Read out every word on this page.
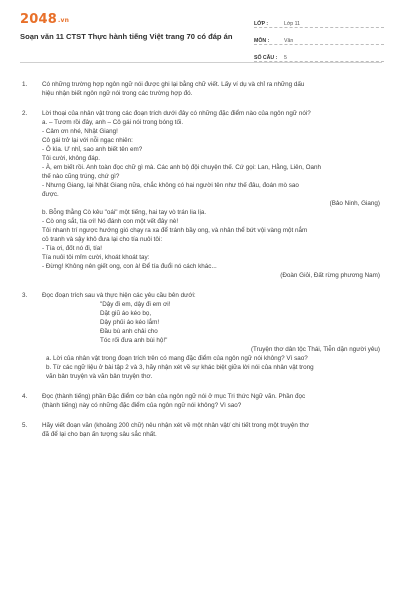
2048.vn
Soạn văn 11 CTST Thực hành tiếng Việt trang 70 có đáp án
LỚP :	Lớp 11
MÔN :	Văn
SỐ CÂU :	5
1.	Có những trường hợp ngôn ngữ nói được ghi lại bằng chữ viết. Lấy ví dụ và chỉ ra những dấu
hiệu nhận biết ngôn ngữ nói trong các trường hợp đó.
2.	Lời thoại của nhân vật trong các đoạn trích dưới đây có những đặc điểm nào của ngôn ngữ nói?
a. – Tươm rồi đây, anh – Cô gái nói trong bóng tối.
- Cảm ơn nhé, Nhật Giang!
Cô gái trở lại với nỗi ngạc nhiên:
- Ô kìa. Ư nhỉ, sao anh biết tên em?
Tôi cười, không đáp.
- À, em biết rồi. Anh toàn đọc chữ gì mà. Các anh bộ đội chuyện thế. Cứ gọi: Lan, Hằng, Liên, Oanh
thế nào cũng trúng, chứ gì?
- Nhưng Giang, lại Nhật Giang nữa, chắc không có hai người tên như thế đâu, đoán mò sao
được.
(Bảo Ninh, Giang)
b. Bỗng thằng Cò kêu "oái" một tiếng, hai tay vò trán lia lịa.
- Cò ong sắt, tía ơi! Nó đánh con một vết đây nè!
Tôi nhanh trí ngược hướng gió chạy ra xa để tránh bầy ong, và nhân thể bứt vội vàng một nắm
cỏ tranh và sậy khô đưa lại cho tía nuôi tôi:
- Tía ơi, đốt nó đi, tía!
Tía nuôi tôi mỉm cười, khoát khoát tay:
- Đừng! Không nên giết ong, con à! Để tía đuổi nó cách khác...
(Đoàn Giỏi, Đất rừng phương Nam)
3.	Đọc đoạn trích sau và thực hiện các yêu cầu bên dưới:
"Dậy đi em, dậy đi em ơi!
Dặt giũ áo kéo bọ,
Dậy phủi áo kéo lắm!
Đầu bù anh chải cho
Tóc rối đưa anh bùi hộ!"
(Truyện thơ dân tộc Thái, Tiễn dặn người yêu)
a. Lời của nhân vật trong đoạn trích trên có mang đặc điểm của ngôn ngữ nói không? Vì sao?
b. Từ các ngữ liệu ở bài tập 2 và 3, hãy nhận xét về sự khác biệt giữa lời nói của nhân vật trong
văn bản truyện và văn bản truyện thơ.
4.	Đọc (thành tiếng) phần Đặc điểm cơ bản của ngôn ngữ nói ở mục Tri thức Ngữ văn. Phần đọc
(thành tiếng) này có những đặc điểm của ngôn ngữ nói không? Vì sao?
5.	Hãy viết đoạn văn (khoảng 200 chữ) nêu nhận xét về một nhân vật/ chi tiết trong một truyện thơ
đã để lại cho bạn ấn tượng sâu sắc nhất.
